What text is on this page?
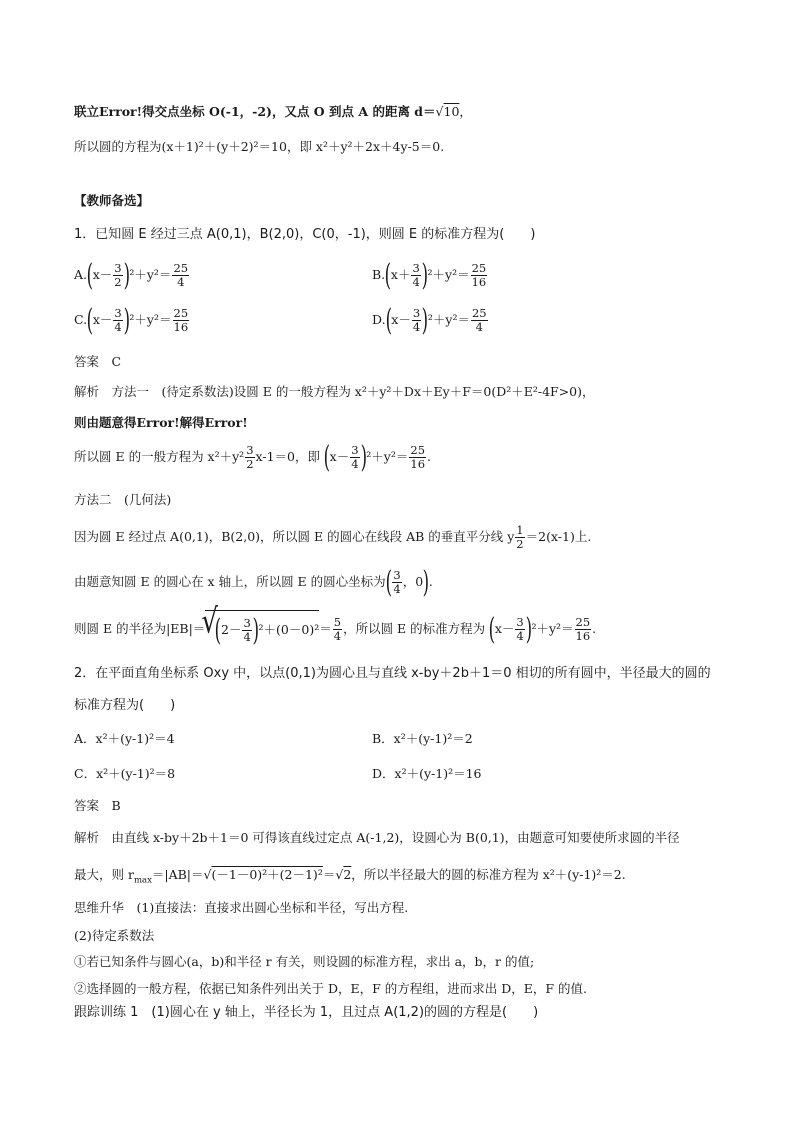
联立Error!得交点坐标 O(-1，-2)，又点 O 到点 A 的距离 d＝√10，
所以圆的方程为(x＋1)²＋(y＋2)²＝10，即 x²＋y²＋2x＋4y-5＝0.
【教师备选】
1．已知圆 E 经过三点 A(0,1)，B(2,0)，C(0，-1)，则圆 E 的标准方程为(　　)
$A.(x- \frac{3}{2} )^2+y^2= \frac{25}{4}$	$B.(x+ \frac{3}{4} )^2+y^2= \frac{25}{16}$
$C.(x- \frac{3}{4} )^2+y^2= \frac{25}{16}$	$D.(x- \frac{3}{4} )^2+y^2= \frac{25}{4}$
答案　C
解析　方法一　(待定系数法)设圆 E 的一般方程为 x²＋y²＋Dx＋Ey＋F＝0(D²＋E²-4F>0)，
则由题意得Error!解得Error!
所以圆 E 的一般方程为 $x^2+y^2 \frac{3}{2} x-1=0$，即 $(x- \frac{3}{4} )^2+y^2= \frac{25}{16}$ .
方法二　(几何法)
因为圆 E 经过点 A(0,1)，B(2,0)，所以圆 E 的圆心在线段 AB 的垂直平分线 y $\frac{1}{2} =2(x-1)$上.
由题意知圆 E 的圆心在 x 轴上，所以圆 E 的圆心坐标为( $\frac{3}{4}$ ，0).
则圆 E 的半径为|EB|＝ √ $(2- \frac{3}{4} )^2+(0-0)^2= \frac{5}{4}$ ，所以圆 E 的标准方程为 $(x- \frac{3}{4} )^2+y^2= \frac{25}{16}$ .
2．在平面直角坐标系 Oxy 中，以点(0,1)为圆心且与直线 x-by＋2b＋1＝0 相切的所有圆中，半径最大的圆的
标准方程为(　　)
A．x²＋(y-1)²＝4	B．x²＋(y-1)²＝2
C．x²＋(y-1)²＝8	D．x²＋(y-1)²＝16
答案　B
解析　由直线 x-by＋2b＋1＝0 可得该直线过定点 A(-1,2)，设圆心为 B(0,1)，由题意可知要使所求圆的半径
最大，则 $r_{max}=|AB|=√(-1-0)^2+(2-1)^2=√2$，所以半径最大的圆的标准方程为 x²＋(y-1)²＝2.
思维升华　(1)直接法：直接求出圆心坐标和半径，写出方程.
(2)待定系数法
①若已知条件与圆心(a，b)和半径 r 有关，则设圆的标准方程，求出 a，b，r 的值;
②选择圆的一般方程，依据已知条件列出关于 D，E，F 的方程组，进而求出 D，E，F 的值.
跟踪训练 1　(1)圆心在 y 轴上，半径长为 1，且过点 A(1,2)的圆的方程是(　　)
